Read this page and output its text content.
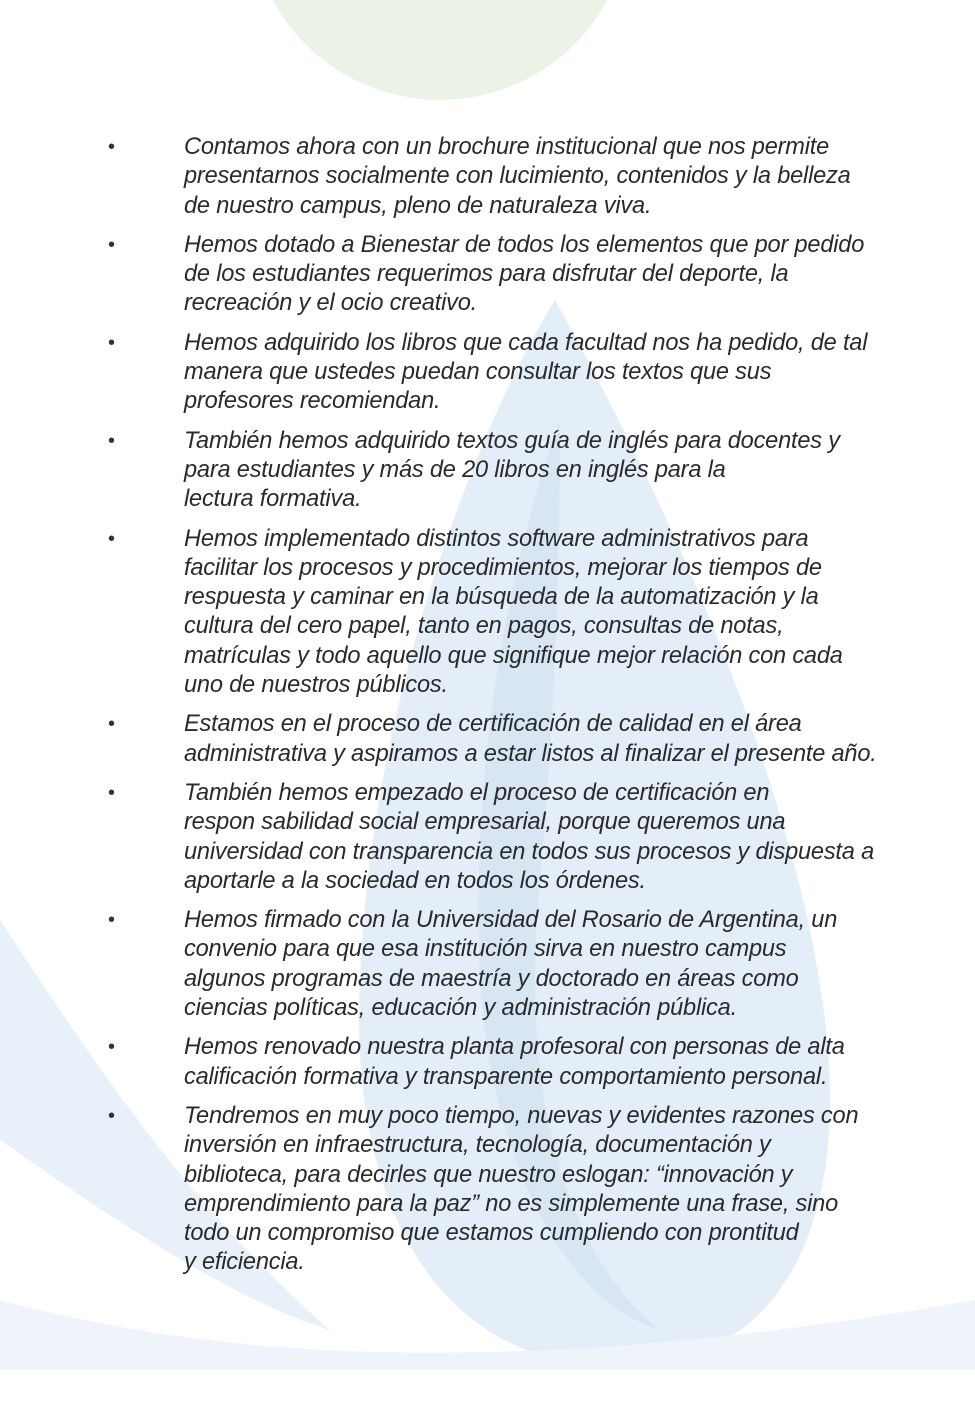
•	Contamos ahora con un brochure institucional que nos permite
presentarnos socialmente con lucimiento, contenidos y la belleza
de nuestro campus, pleno de naturaleza viva.
•	Hemos dotado a Bienestar de todos los elementos que por pedido
de los estudiantes requerimos para disfrutar del deporte, la
recreación y el ocio creativo.
•	Hemos adquirido los libros que cada facultad nos ha pedido, de tal
manera que ustedes puedan consultar los textos que sus
profesores recomiendan.
•	También hemos adquirido textos guía de inglés para docentes y
para estudiantes y más de 20 libros en inglés para la
lectura formativa.
•	Hemos implementado distintos software administrativos para
facilitar los procesos y procedimientos, mejorar los tiempos de
respuesta y caminar en la búsqueda de la automatización y la
cultura del cero papel, tanto en pagos, consultas de notas,
matrículas y todo aquello que signifique mejor relación con cada
uno de nuestros públicos.
•	Estamos en el proceso de certificación de calidad en el área
administrativa y aspiramos a estar listos al finalizar el presente año.
•	También hemos empezado el proceso de certificación en
respon sabilidad social empresarial, porque queremos una
universidad con transparencia en todos sus procesos y dispuesta a
aportarle a la sociedad en todos los órdenes.
•	Hemos firmado con la Universidad del Rosario de Argentina, un
convenio para que esa institución sirva en nuestro campus
algunos programas de maestría y doctorado en áreas como
ciencias políticas, educación y administración pública.
•	Hemos renovado nuestra planta profesoral con personas de alta
calificación formativa y transparente comportamiento personal.
•	Tendremos en muy poco tiempo, nuevas y evidentes razones con
inversión en infraestructura, tecnología, documentación y
biblioteca, para decirles que nuestro eslogan: “innovación y
emprendimiento para la paz” no es simplemente una frase, sino
todo un compromiso que estamos cumpliendo con prontitud
y eficiencia.
